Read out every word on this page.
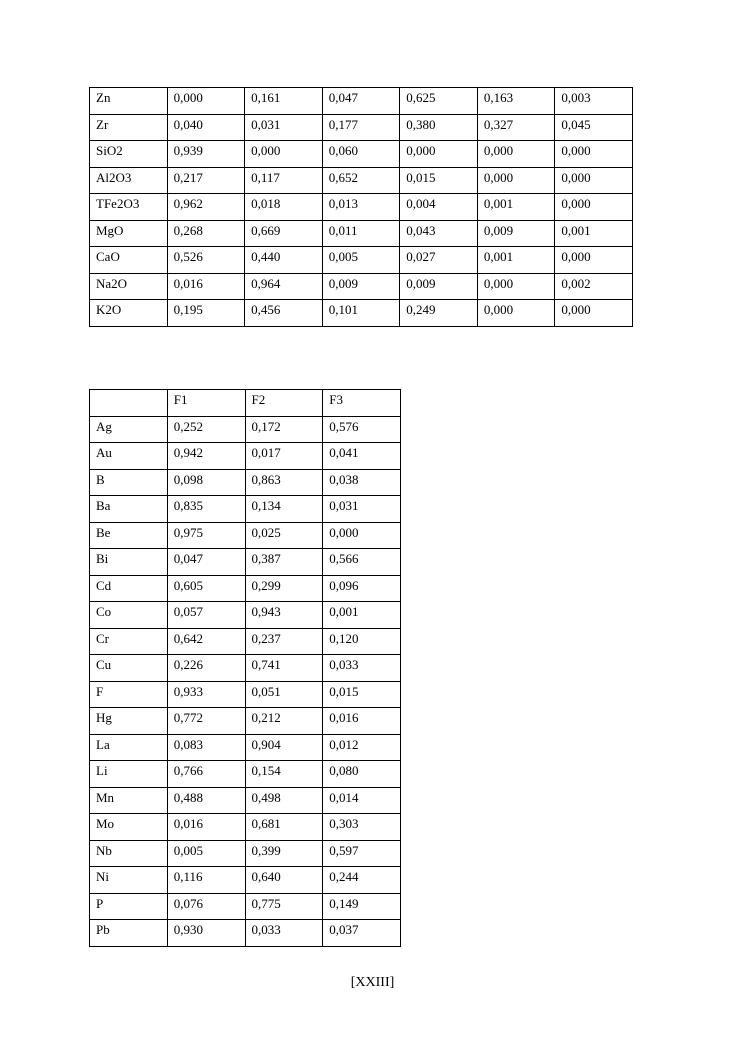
Zn	0,000	0,161	0,047	0,625	0,163	0,003
Zr	0,040	0,031	0,177	0,380	0,327	0,045
SiO2	0,939	0,000	0,060	0,000	0,000	0,000
Al2O3	0,217	0,117	0,652	0,015	0,000	0,000
TFe2O3	0,962	0,018	0,013	0,004	0,001	0,000
MgO	0,268	0,669	0,011	0,043	0,009	0,001
CaO	0,526	0,440	0,005	0,027	0,001	0,000
Na2O	0,016	0,964	0,009	0,009	0,000	0,002
K2O	0,195	0,456	0,101	0,249	0,000	0,000
	F1	F2	F3
Ag	0,252	0,172	0,576
Au	0,942	0,017	0,041
B	0,098	0,863	0,038
Ba	0,835	0,134	0,031
Be	0,975	0,025	0,000
Bi	0,047	0,387	0,566
Cd	0,605	0,299	0,096
Co	0,057	0,943	0,001
Cr	0,642	0,237	0,120
Cu	0,226	0,741	0,033
F	0,933	0,051	0,015
Hg	0,772	0,212	0,016
La	0,083	0,904	0,012
Li	0,766	0,154	0,080
Mn	0,488	0,498	0,014
Mo	0,016	0,681	0,303
Nb	0,005	0,399	0,597
Ni	0,116	0,640	0,244
P	0,076	0,775	0,149
Pb	0,930	0,033	0,037
[XXIII]
